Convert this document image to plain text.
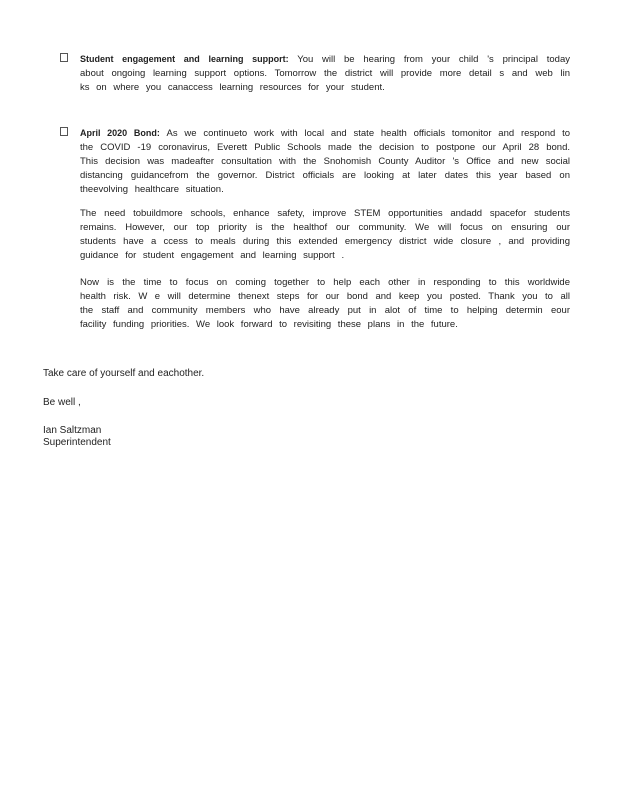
Student engagement and learning support: You will be hearing from your child 's principal today about ongoing learning support options. Tomorrow the district will provide more detail s and web lin ks on where you canaccess learning resources for your student.
April 2020 Bond: As we continueto work with local and state health officials tomonitor and respond to the COVID -19 coronavirus, Everett Public Schools made the decision to postpone our April 28 bond. This decision was madeafter consultation with the Snohomish County Auditor 's Office and new social distancing guidancefrom the governor. District officials are looking at later dates this year based on theevolving healthcare situation.
The need tobuildmore schools, enhance safety, improve STEM opportunities andadd spacefor students remains. However, our top priority is the healthof our community. We will focus on ensuring our students have a ccess to meals during this extended emergency district wide closure , and providing guidance for student engagement and learning support .
Now is the time to focus on coming together to help each other in responding to this worldwide health risk. W e will determine thenext steps for our bond and keep you posted. Thank you to all the staff and community members who have already put in alot of time to helping determin eour facility funding priorities. We look forward to revisiting these plans in the future.
Take care of yourself and eachother.
Be well ,
Ian Saltzman
Superintendent
